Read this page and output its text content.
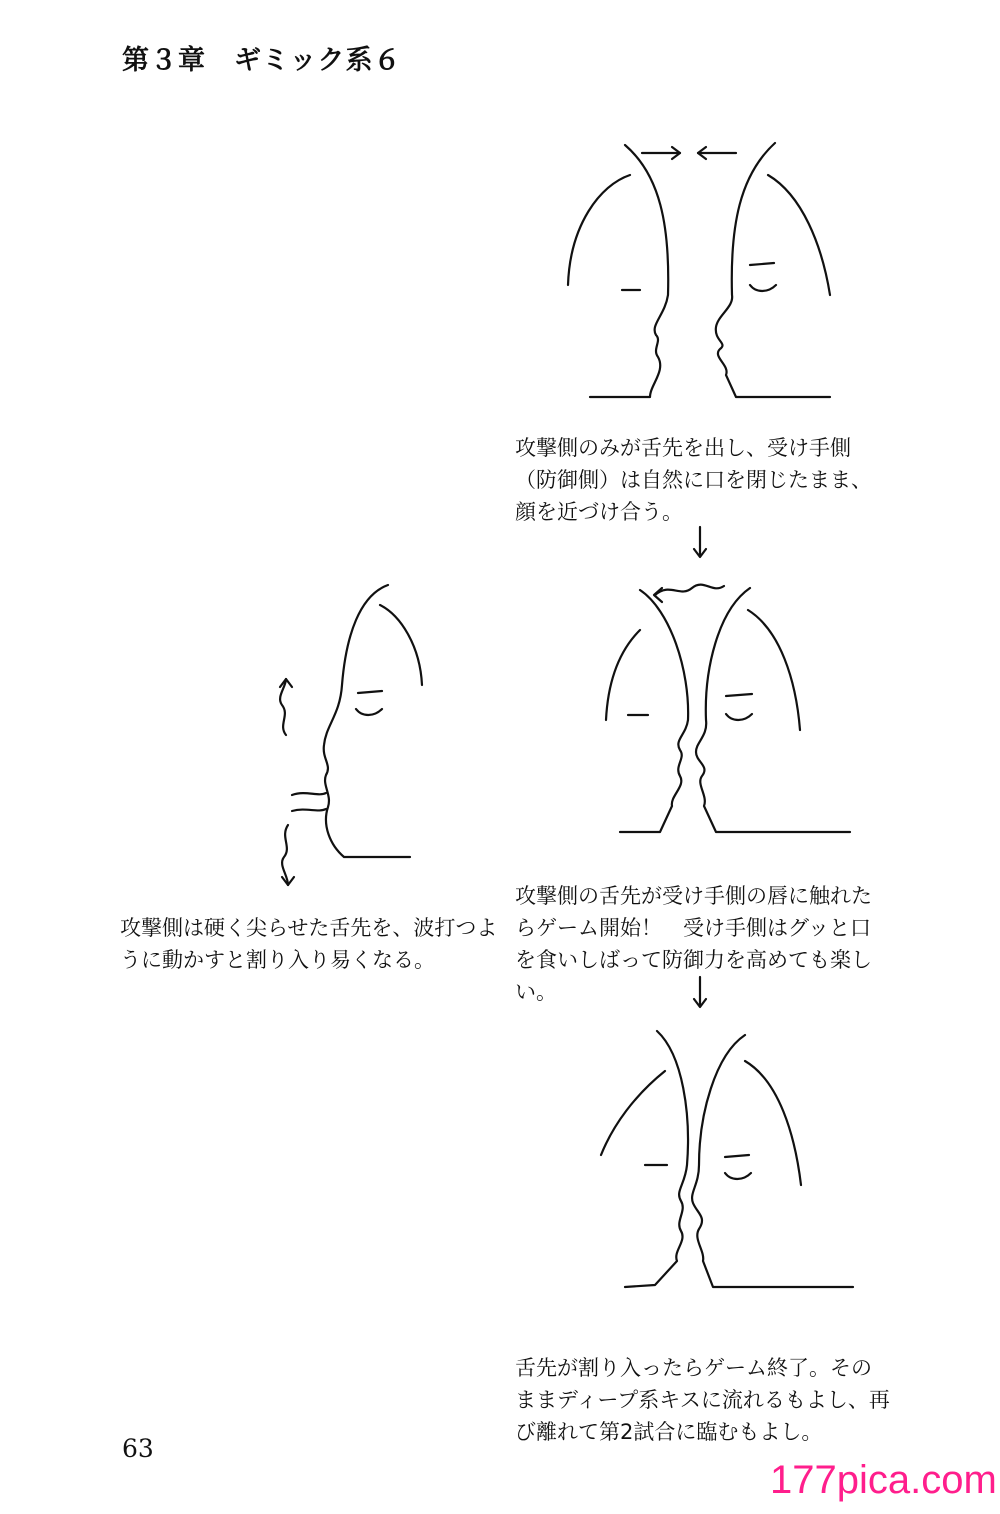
第３章　ギミック系６
攻撃側のみが舌先を出し、受け手側（防御側）は自然に口を閉じたまま、顔を近づけ合う。
攻撃側の舌先が受け手側の唇に触れたらゲーム開始！　受け手側はグッと口を食いしばって防御力を高めても楽しい。
攻撃側は硬く尖らせた舌先を、波打つように動かすと割り入り易くなる。
舌先が割り入ったらゲーム終了。そのままディープ系キスに流れるもよし、再び離れて第2試合に臨むもよし。
63
177pica.com
